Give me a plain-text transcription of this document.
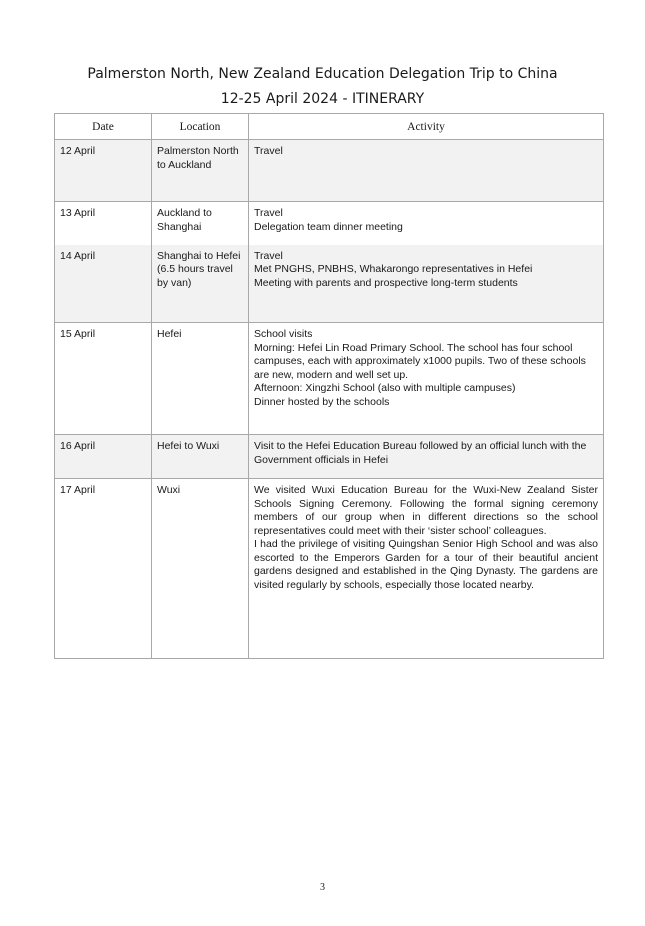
Palmerston North, New Zealand Education Delegation Trip to China
12-25 April 2024 - ITINERARY
Date	Location	Activity
12 April	Palmerston North to Auckland	Travel

13 April	Auckland to Shanghai	Travel
Delegation team dinner meeting

14 April	Shanghai to Hefei (6.5 hours travel by van)	Travel
Met PNGHS, PNBHS, Whakarongo representatives in Hefei
Meeting with parents and prospective long-term students

15 April	Hefei	School visits
Morning: Hefei Lin Road Primary School. The school has four school campuses, each with approximately x1000 pupils. Two of these schools are new, modern and well set up.
Afternoon: Xingzhi School (also with multiple campuses)
Dinner hosted by the schools

16 April	Hefei to Wuxi	Visit to the Hefei Education Bureau followed by an official lunch with the Government officials in Hefei

17 April	Wuxi	We visited Wuxi Education Bureau for the Wuxi-New Zealand Sister Schools Signing Ceremony. Following the formal signing ceremony members of our group when in different directions so the school representatives could meet with their ‘sister school’ colleagues.
I had the privilege of visiting Quingshan Senior High School and was also escorted to the Emperors Garden for a tour of their beautiful ancient gardens designed and established in the Qing Dynasty. The gardens are visited regularly by schools, especially those located nearby.
3
